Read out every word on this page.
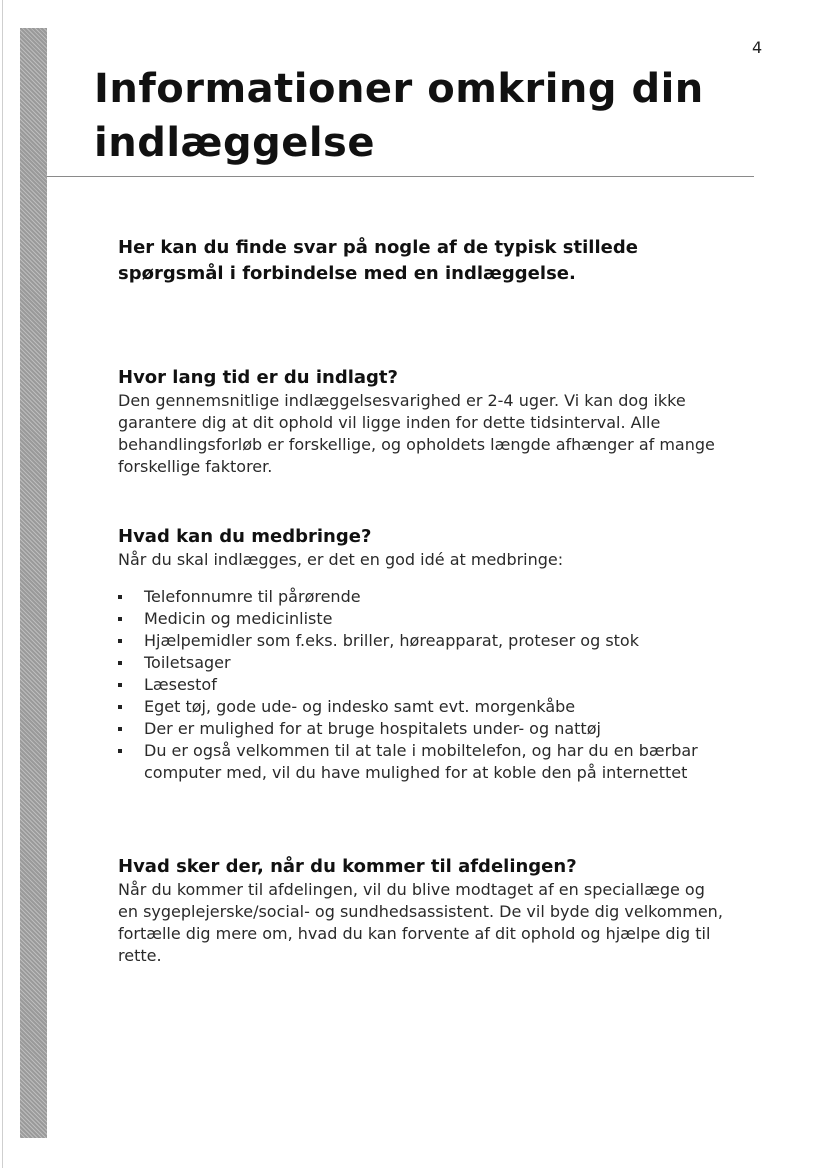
4
Informationer omkring din indlæggelse

Her kan du finde svar på nogle af de typisk stillede spørgsmål i forbindelse med en indlæggelse.

Hvor lang tid er du indlagt?

Den gennemsnitlige indlæggelsesvarighed er 2-4 uger. Vi kan dog ikke garantere dig at dit ophold vil ligge inden for dette tidsinterval. Alle behandlingsforløb er forskellige, og opholdets længde afhænger af mange forskellige faktorer.

Hvad kan du medbringe?

Når du skal indlægges, er det en god idé at medbringe:

Telefonnumre til pårørende
Medicin og medicinliste
Hjælpemidler som f.eks. briller, høreapparat, proteser og stok
Toiletsager
Læsestof
Eget tøj, gode ude- og indesko samt evt. morgenkåbe
Der er mulighed for at bruge hospitalets under- og nattøj
Du er også velkommen til at tale i mobiltelefon, og har du en bærbar computer med, vil du have mulighed for at koble den på internettet
Hvad sker der, når du kommer til afdelingen?

Når du kommer til afdelingen, vil du blive modtaget af en speciallæge og en sygeplejerske/social- og sundhedsassistent. De vil byde dig velkommen, fortælle dig mere om, hvad du kan forvente af dit ophold og hjælpe dig til rette.
